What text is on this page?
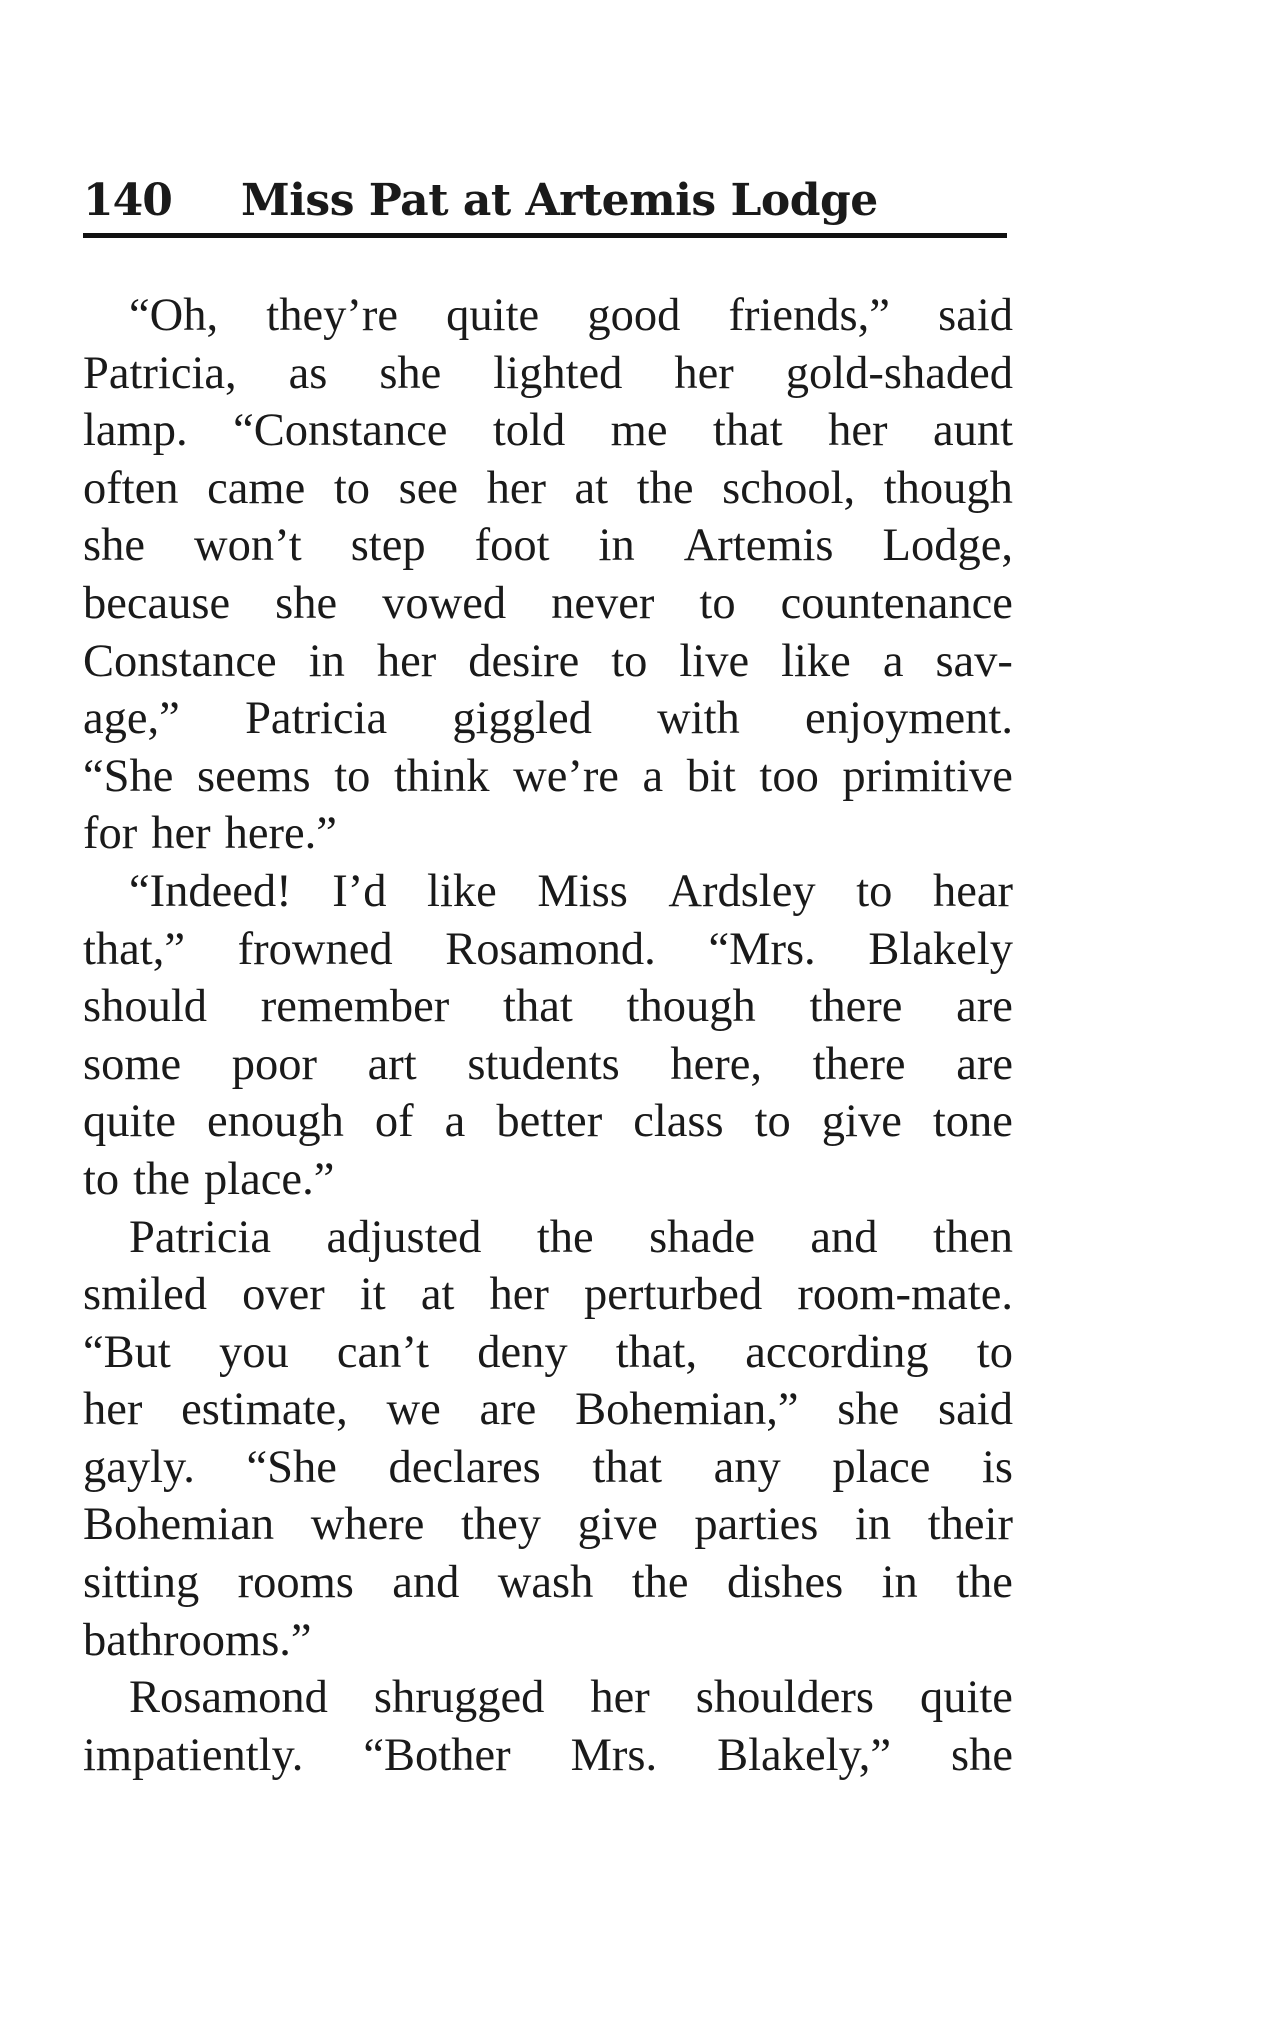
140 Miss Pat at Artemis Lodge
“Oh, they’re quite good friends,” said
Patricia, as she lighted her gold-shaded
lamp. “Constance told me that her aunt
often came to see her at the school, though
she won’t step foot in Artemis Lodge,
because she vowed never to countenance
Constance in her desire to live like a sav-
age,” Patricia giggled with enjoyment.
“She seems to think we’re a bit too primitive
for her here.”
“Indeed! I’d like Miss Ardsley to hear
that,” frowned Rosamond. “Mrs. Blakely
should remember that though there are
some poor art students here, there are
quite enough of a better class to give tone
to the place.”
Patricia adjusted the shade and then
smiled over it at her perturbed room-mate.
“But you can’t deny that, according to
her estimate, we are Bohemian,” she said
gayly. “She declares that any place is
Bohemian where they give parties in their
sitting rooms and wash the dishes in the
bathrooms.”
Rosamond shrugged her shoulders quite
impatiently. “Bother Mrs. Blakely,” she
